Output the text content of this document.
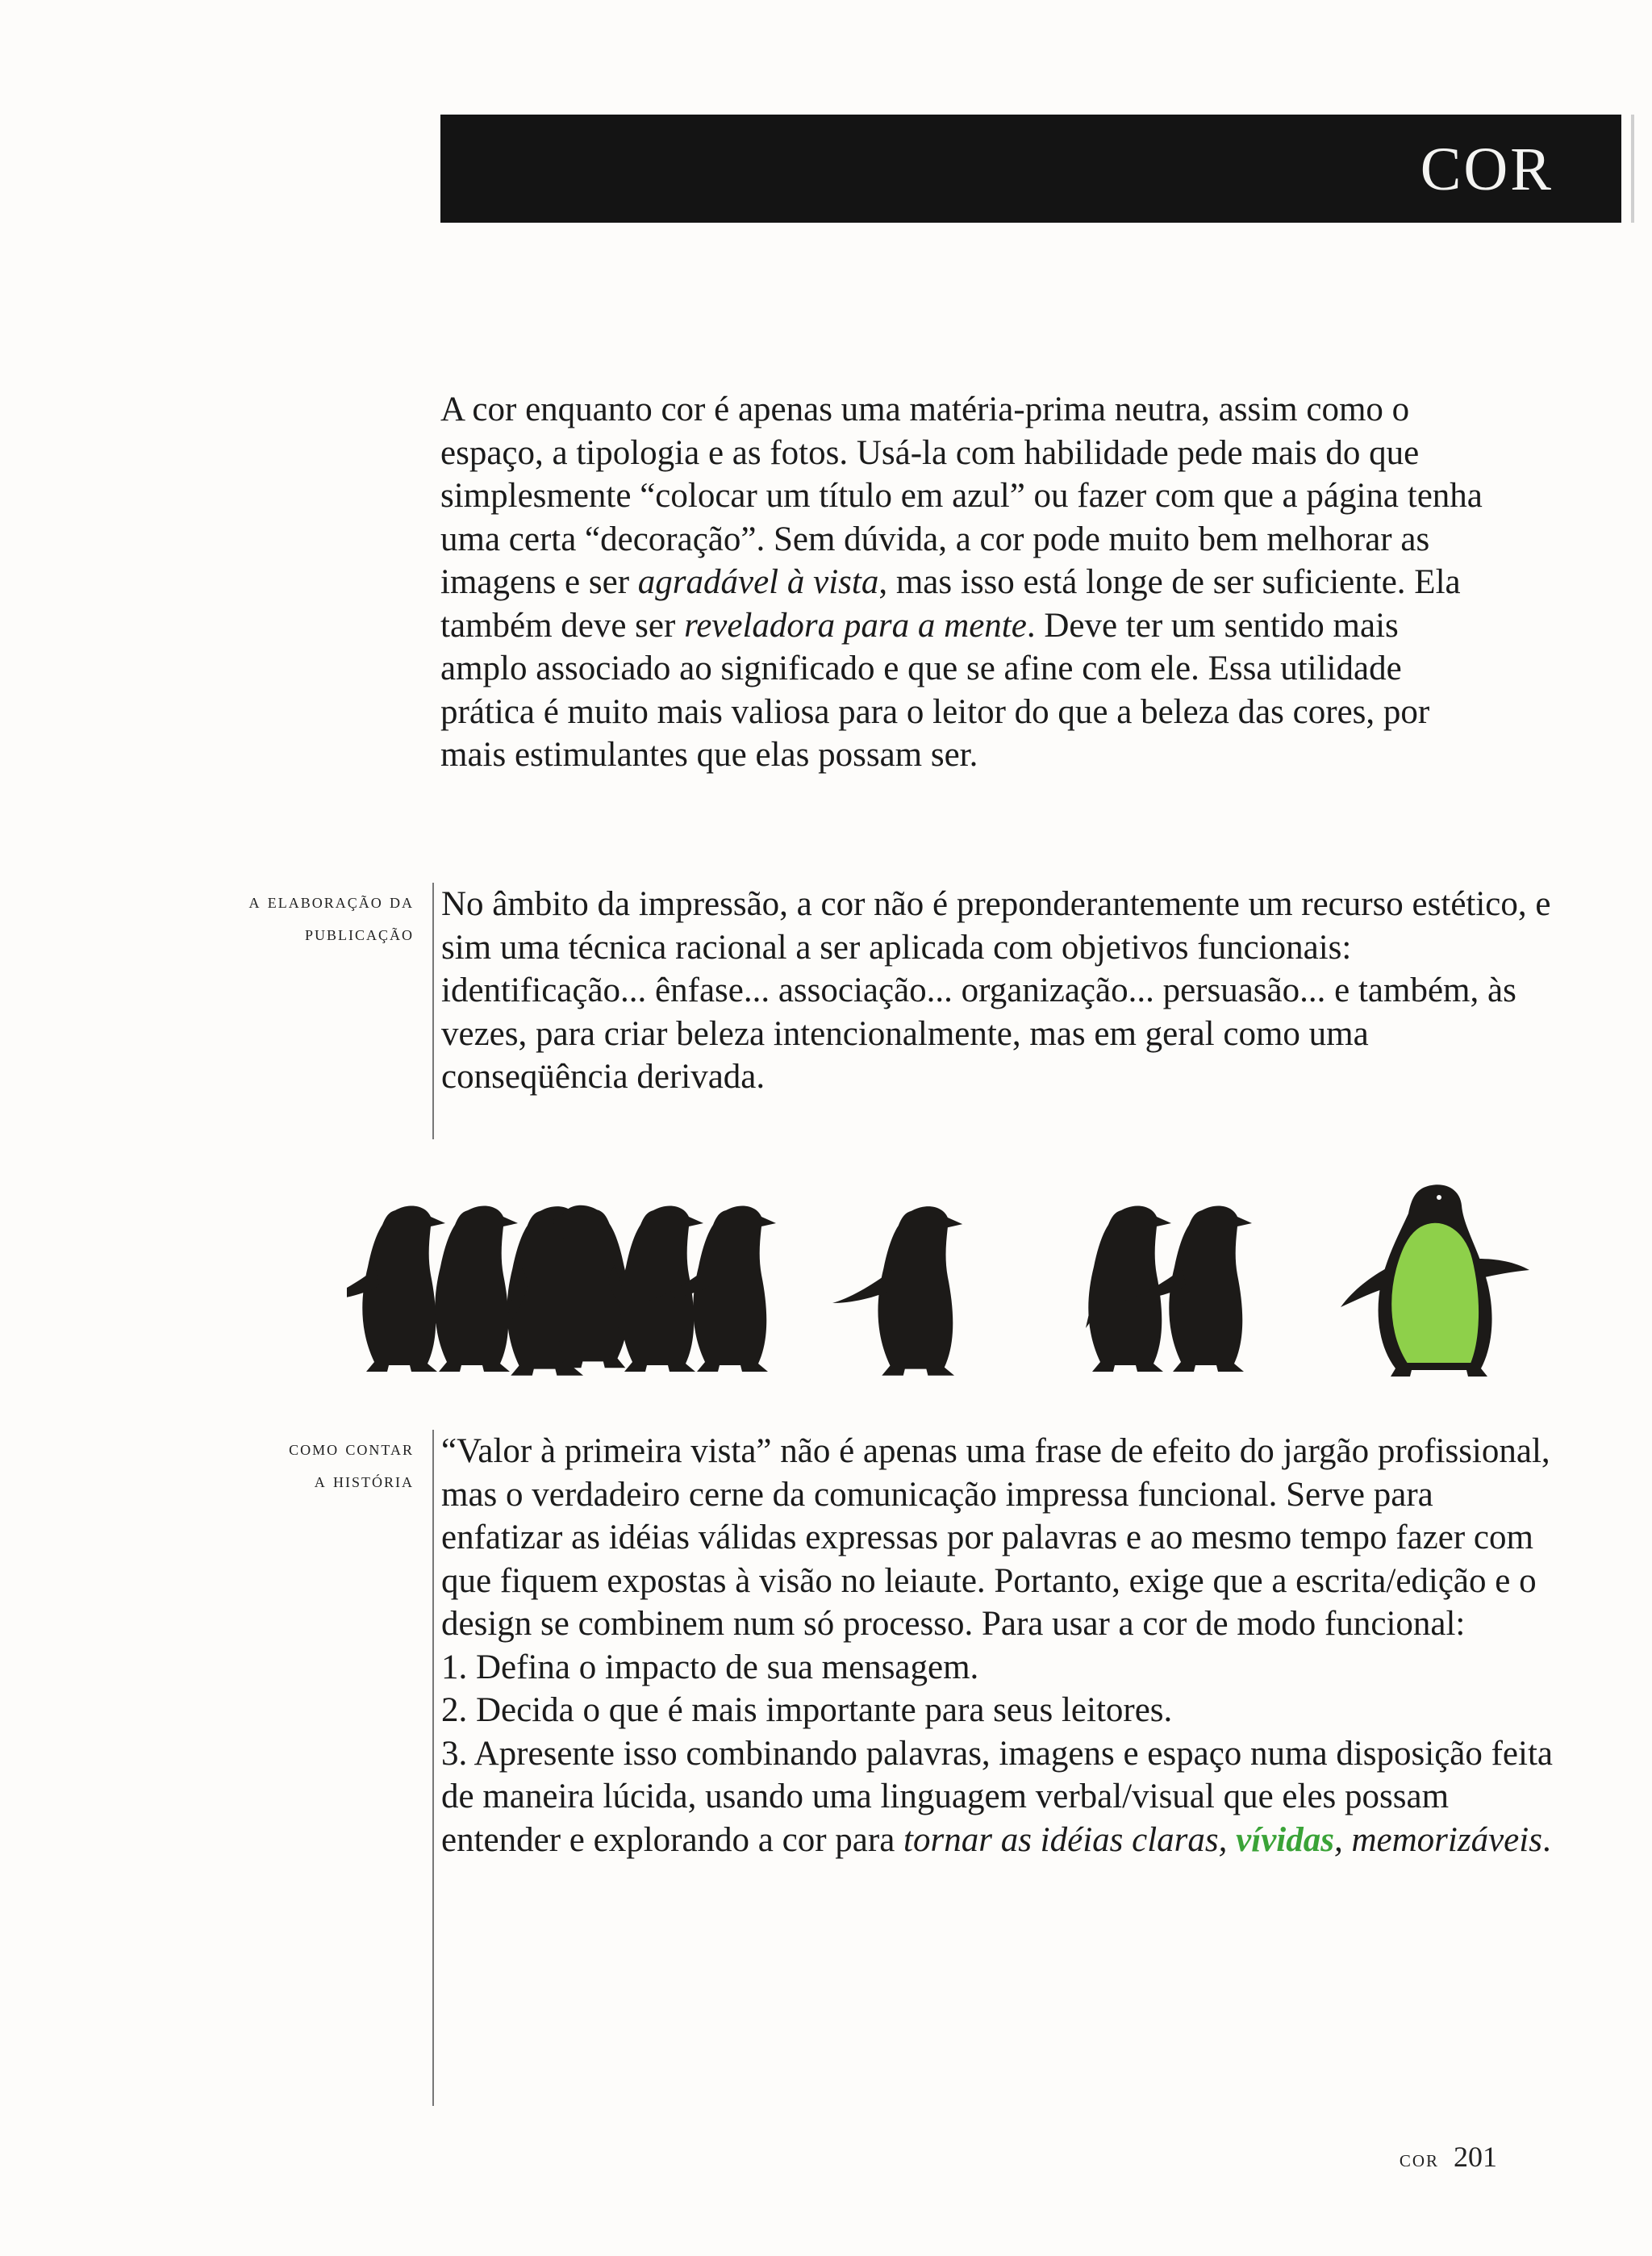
COR

A cor enquanto cor é apenas uma matéria-prima neutra, assim como o espaço, a tipologia e as fotos. Usá-la com habilidade pede mais do que simplesmente “colocar um título em azul” ou fazer com que a página tenha uma certa “decoração”. Sem dúvida, a cor pode muito bem melhorar as imagens e ser agradável à vista, mas isso está longe de ser suficiente. Ela também deve ser reveladora para a mente. Deve ter um sentido mais amplo associado ao significado e que se afine com ele. Essa utilidade prática é muito mais valiosa para o leitor do que a beleza das cores, por mais estimulantes que elas possam ser.

a elaboração da
publicação

No âmbito da impressão, a cor não é preponderantemente um recurso estético, e sim uma técnica racional a ser aplicada com objetivos funcionais: identificação... ênfase... associação... organização... persuasão... e também, às vezes, para criar beleza intencionalmente, mas em geral como uma conseqüência derivada.

como contar
a história

“Valor à primeira vista” não é apenas uma frase de efeito do jargão profissional, mas o verdadeiro cerne da comunicação impressa funcional. Serve para enfatizar as idéias válidas expressas por palavras e ao mesmo tempo fazer com que fiquem expostas à visão no leiaute. Portanto, exige que a escrita/edição e o design se combinem num só processo. Para usar a cor de modo funcional:

1. Defina o impacto de sua mensagem.

2. Decida o que é mais importante para seus leitores.

3. Apresente isso combinando palavras, imagens e espaço numa disposição feita de maneira lúcida, usando uma linguagem verbal/visual que eles possam entender e explorando a cor para tornar as idéias claras, vívidas, memorizáveis.

cor 201
